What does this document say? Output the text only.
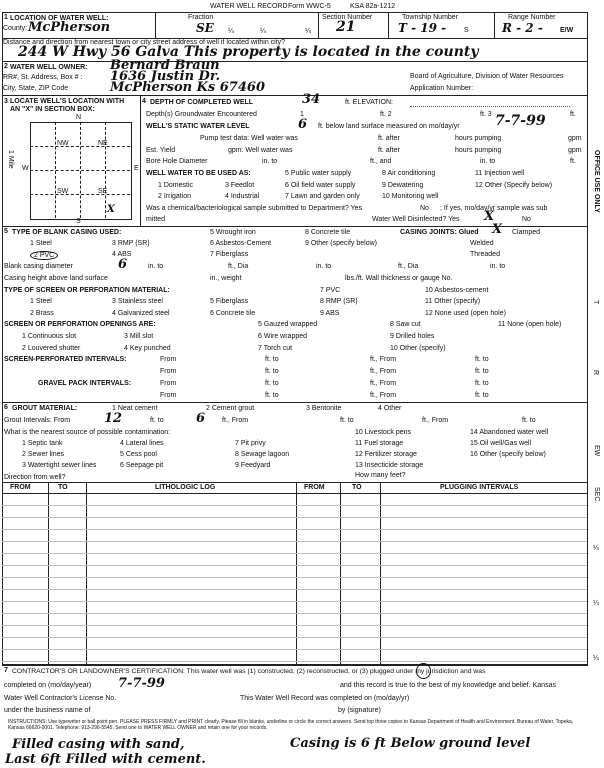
WATER WELL RECORD Form WWC-5	KSA 82a-1212
1 LOCATION OF WATER WELL:
County: McPherson
Fraction
SE ¼	¼	¼
Section Number
21
Township Number
T - 19 -	S
Range Number
R - 2 - E/W
Distance and direction from nearest town or city street address of well if located within city?
244 W Hwy 56 Galva This property is located in the county
2 WATER WELL OWNER: Bernard Braun
RR#, St. Address, Box # : 1636 Justin Dr.	Board of Agriculture, Division of Water Resources
City, State, ZIP Code	McPherson Ks 67460	Application Number:
3 LOCATE WELL'S LOCATION WITH
AN "X" IN SECTION BOX:
N
S
W	E
NW	NE
SW	SE
X
1 Mile
4 DEPTH OF COMPLETED WELL	34	ft. ELEVATION:
Depth(s) Groundwater Encountered	1	ft. 2	ft. 3	ft.
WELL'S STATIC WATER LEVEL	6 ft. below land surface measured on mo/day/yr	7-7-99
Pump test data: Well water was	ft. after	hours pumping	gpm
Est. Yield	gpm: Well water was	ft. after	hours pumping	gpm
Bore Hole Diameter	in. to	ft., and	in. to	ft.
WELL WATER TO BE USED AS:	5 Public water supply	8 Air conditioning	11 Injection well
1 Domestic	3 Feedlot	6 Oil field water supply	9 Dewatering	12 Other (Specify below)
2 Irrigation	4 Industrial	7 Lawn and garden only	10 Monitoring well
Was a chemical/bacteriological sample submitted to Department? Yes	No ; If yes, mo/day/yr sample was sub
mitted	Water Well Disinfected? Yes X	No
5 TYPE OF BLANK CASING USED:	5 Wrought iron	8 Concrete tile	CASING JOINTS: Glued X Clamped
1 Steel	3 RMP (SR)	6 Asbestos-Cement	9 Other (specify below)	Welded
2 PVC	4 ABS	7 Fiberglass	Threaded
Blank casing diameter	6	in. to	ft., Dia	in. to	ft., Dia	in. to
Casing height above land surface	in., weight	lbs./ft. Wall thickness or gauge No.
TYPE OF SCREEN OR PERFORATION MATERIAL:	7 PVC	10 Asbestos-cement
1 Steel	3 Stainless steel	5 Fiberglass	8 RMP (SR)	11 Other (specify)
2 Brass	4 Galvanized steel	6 Concrete tile	9 ABS	12 None used (open hole)
SCREEN OR PERFORATION OPENINGS ARE:	5 Gauzed wrapped	8 Saw cut	11 None (open hole)
1 Continuous slot	3 Mill slot	6 Wire wrapped	9 Drilled holes
2 Louvered shutter	4 Key punched	7 Torch cut	10 Other (specify)
SCREEN-PERFORATED INTERVALS:	From	ft. to	ft., From	ft. to
From	ft. to	ft., From	ft. to
GRAVEL PACK INTERVALS:	From	ft. to	ft., From	ft. to
From	ft. to	ft., From	ft. to
6 GROUT MATERIAL:	1 Neat cement	2 Cement grout	3 Bentonite	4 Other
Grout Intervals: From	12	ft. to 6 ft., From	ft. to	ft., From	ft. to
What is the nearest source of possible contamination:	10 Livestock pens	14 Abandoned water well
1 Septic tank	4 Lateral lines	7 Pit privy	11 Fuel storage	15 Oil well/Gas well
2 Sewer lines	5 Cess pool	8 Sewage lagoon	12 Fertilizer storage	16 Other (specify below)
3 Watertight sewer lines	6 Seepage pit	9 Feedyard	13 Insecticide storage
Direction from well?	How many feet?
FROM	TO	LITHOLOGIC LOG	FROM	TO	PLUGGING INTERVALS
7 CONTRACTOR'S OR LANDOWNER'S CERTIFICATION: This water well was (1) constructed, (2) reconstructed, or (3) plugged under my jurisdiction and was
completed on (mo/day/year) 7-7-99	and this record is true to the best of my knowledge and belief. Kansas
Water Well Contractor's License No.	This Water Well Record was completed on (mo/day/yr)
under the business name of	by (signature)
INSTRUCTIONS: Use typewriter or ball point pen. PLEASE PRESS FIRMLY and PRINT clearly. Please fill in blanks, underline or circle the correct answers. Send top three copies to Kansas Department of Health and Environment, Bureau of Water, Topeka, Kansas 66620-0001. Telephone: 913-296-5545. Send one to WATER WELL OWNER and retain one for your records.
OFFICE USE ONLY
T
R
EW
SEC.
¼
¼
¼
Filled casing with sand,
Last 6ft Filled with cement.
Casing is 6 ft Below ground level
